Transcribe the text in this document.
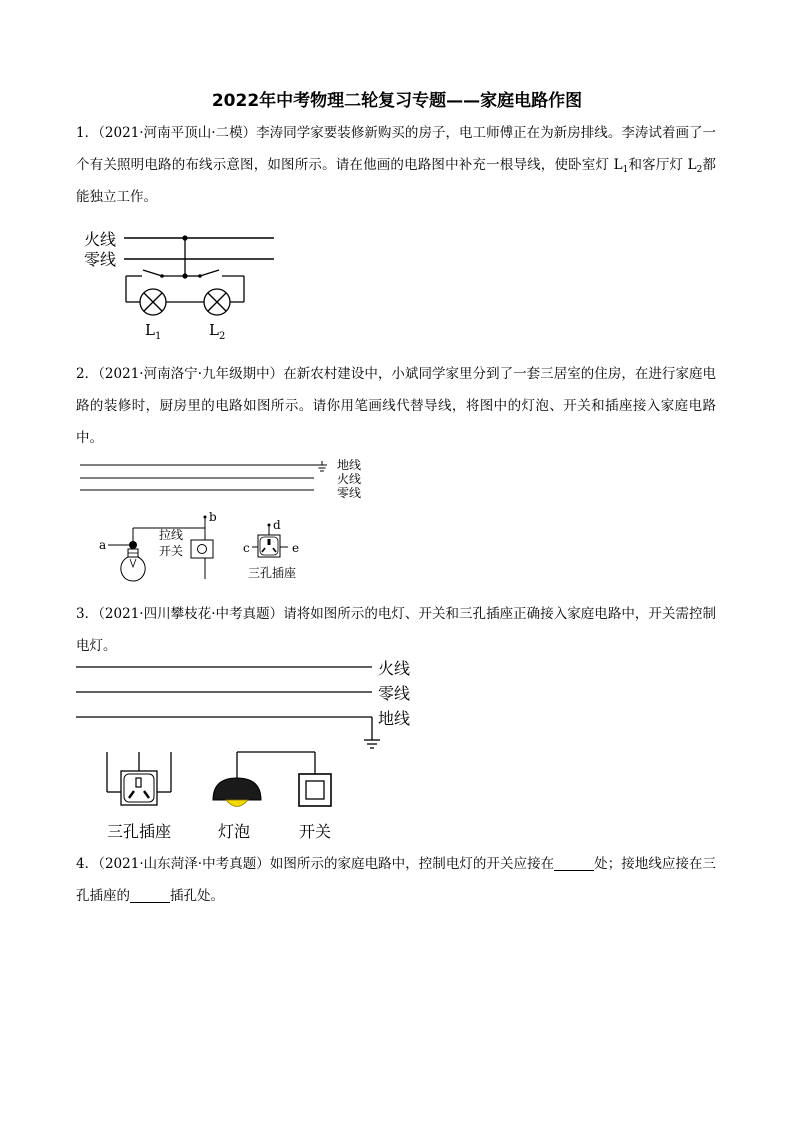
2022年中考物理二轮复习专题——家庭电路作图
1．（2021·河南平顶山·二模）李涛同学家要装修新购买的房子，电工师傅正在为新房排线。李涛试着画了一个有关照明电路的布线示意图，如图所示。请在他画的电路图中补充一根导线，使卧室灯 $L_1$和客厅灯 $L_2$都能独立工作。
火线
零线
$L_1$	$L_2$
2．（2021·河南洛宁·九年级期中）在新农村建设中，小斌同学家里分到了一套三居室的住房，在进行家庭电路的装修时，厨房里的电路如图所示。请你用笔画线代替导线，将图中的灯泡、开关和插座接入家庭电路中。
地线
火线
零线
a
b
拉线
开关
d
c	e
三孔插座
3．（2021·四川攀枝花·中考真题）请将如图所示的电灯、开关和三孔插座正确接入家庭电路中，开关需控制电灯。
火线
零线
地线
三孔插座	灯泡	开关
4．（2021·山东菏泽·中考真题）如图所示的家庭电路中，控制电灯的开关应接在	处；接地线应接在三孔插座的	插孔处。
